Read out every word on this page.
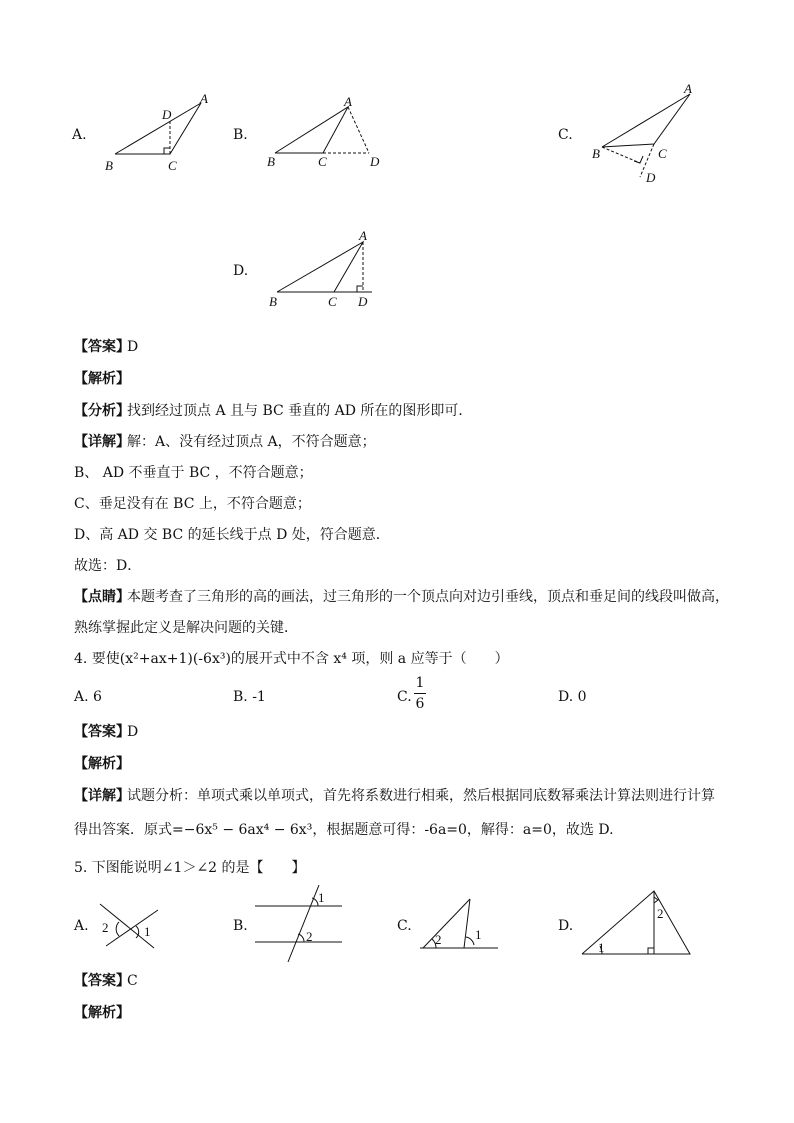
A.
A
D
B	C
B.
A
B	C	D
C.
A
B	C
D
D.
A
B	C D
【答案】
D
【解析】
【分析】
找到经过顶点 A 且与 BC 垂直的 AD 所在的图形即可．
【详解】
解：A、没有经过顶点 A，不符合题意；
B、 AD 不垂直于 BC ，不符合题意；
C、垂足没有在 BC 上，不符合题意；
D、高 AD 交 BC 的延长线于点 D 处，符合题意．
故选：D．
【点睛】
本题考查了三角形的高的画法，过三角形的一个顶点向对边引垂线，顶点和垂足间的线段叫做高，
熟练掌握此定义是解决问题的关键．
4. 要使(x²+ax+1)(-6x³)的展开式中不含 x⁴ 项，则 a 应等于（　　）
A. 6	B. -1	C.
1
6	D. 0
【答案】
D
【解析】
【详解】
试题分析：单项式乘以单项式，首先将系数进行相乘，然后根据同底数幂乘法计算法则进行计算
得出答案．原式=−6x⁵ − 6ax⁴ − 6x³，根据题意可得：-6a=0，解得：a=0，故选 D.
5. 下图能说明∠1＞∠2 的是【　　】
A. 2	1	B.
1
2
C.
2	1
D.
2
1
【答案】
C
【解析】
